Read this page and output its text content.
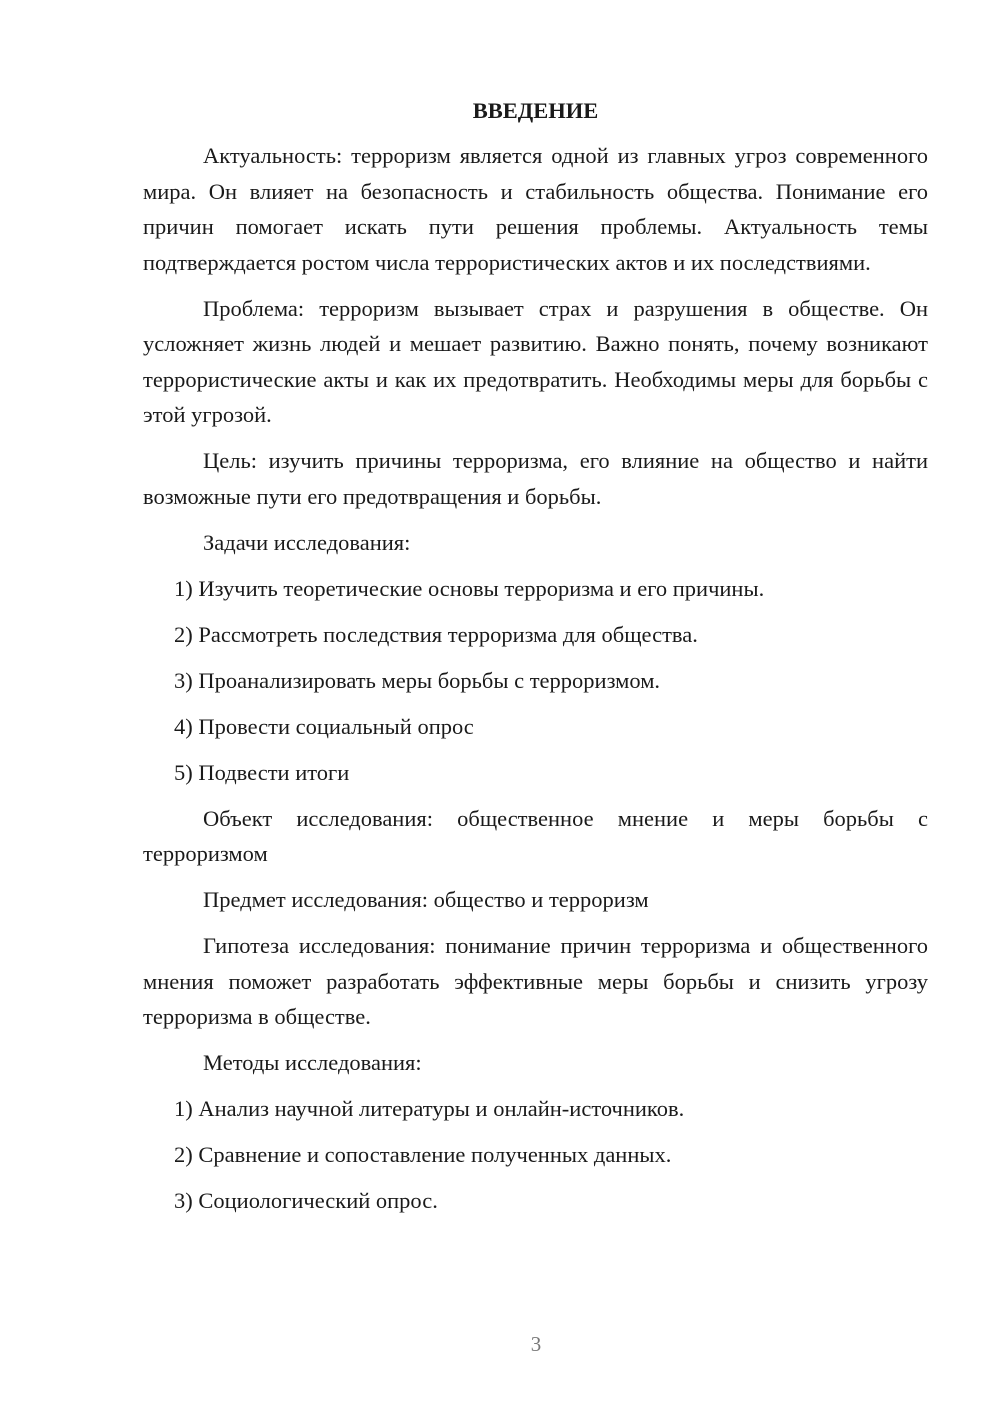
ВВЕДЕНИЕ
Актуальность: терроризм является одной из главных угроз современного мира. Он влияет на безопасность и стабильность общества. Понимание его причин помогает искать пути решения проблемы. Актуальность темы подтверждается ростом числа террористических актов и их последствиями.
Проблема: терроризм вызывает страх и разрушения в обществе. Он усложняет жизнь людей и мешает развитию. Важно понять, почему возникают террористические акты и как их предотвратить. Необходимы меры для борьбы с этой угрозой.
Цель: изучить причины терроризма, его влияние на общество и найти возможные пути его предотвращения и борьбы.
Задачи исследования:
1) Изучить теоретические основы терроризма и его причины.
2) Рассмотреть последствия терроризма для общества.
3) Проанализировать меры борьбы с терроризмом.
4) Провести социальный опрос
5) Подвести итоги
Объект исследования: общественное мнение и меры борьбы с терроризмом
Предмет исследования: общество и терроризм
Гипотеза исследования: понимание причин терроризма и общественного мнения поможет разработать эффективные меры борьбы и снизить угрозу терроризма в обществе.
Методы исследования:
1) Анализ научной литературы и онлайн-источников.
2) Сравнение и сопоставление полученных данных.
3) Социологический опрос.
3
